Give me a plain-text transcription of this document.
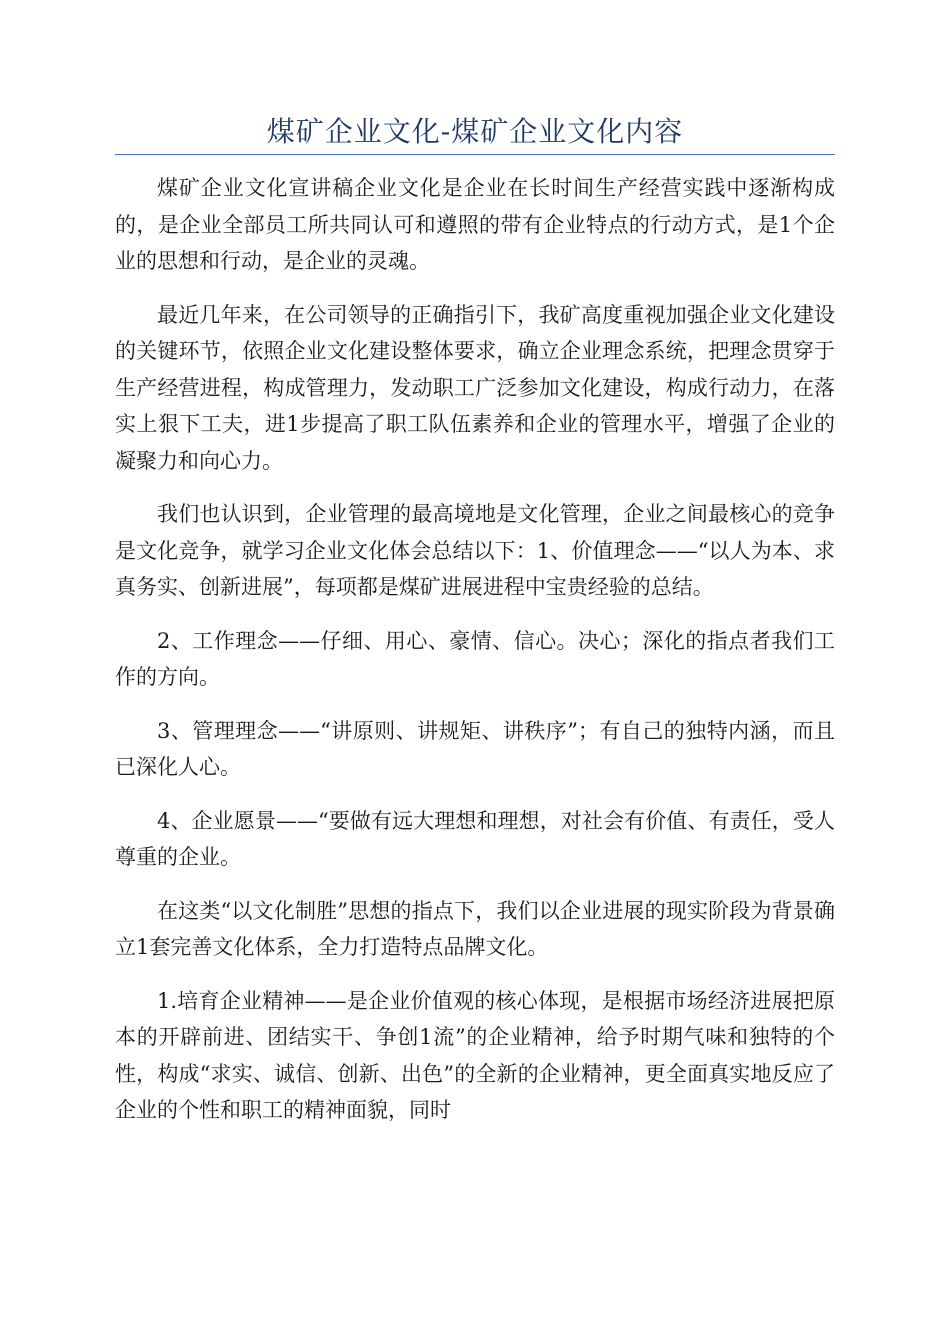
煤矿企业文化-煤矿企业文化内容

煤矿企业文化宣讲稿企业文化是企业在长时间生产经营实践中逐渐构成的，是企业全部员工所共同认可和遵照的带有企业特点的行动方式，是1个企业的思想和行动，是企业的灵魂。

最近几年来，在公司领导的正确指引下，我矿高度重视加强企业文化建设的关键环节，依照企业文化建设整体要求，确立企业理念系统，把理念贯穿于生产经营进程，构成管理力，发动职工广泛参加文化建设，构成行动力，在落实上狠下工夫，进1步提高了职工队伍素养和企业的管理水平，增强了企业的凝聚力和向心力。

我们也认识到，企业管理的最高境地是文化管理，企业之间最核心的竞争是文化竞争，就学习企业文化体会总结以下：1、价值理念——“以人为本、求真务实、创新进展”，每项都是煤矿进展进程中宝贵经验的总结。

2、工作理念——仔细、用心、豪情、信心。决心；深化的指点者我们工作的方向。

3、管理理念——“讲原则、讲规矩、讲秩序”；有自己的独特内涵，而且已深化人心。

4、企业愿景——“要做有远大理想和理想，对社会有价值、有责任，受人尊重的企业。

在这类“以文化制胜”思想的指点下，我们以企业进展的现实阶段为背景确立1套完善文化体系，全力打造特点品牌文化。

1.培育企业精神——是企业价值观的核心体现，是根据市场经济进展把原本的开辟前进、团结实干、争创1流”的企业精神，给予时期气味和独特的个性，构成“求实、诚信、创新、出色”的全新的企业精神，更全面真实地反应了企业的个性和职工的精神面貌，同时
